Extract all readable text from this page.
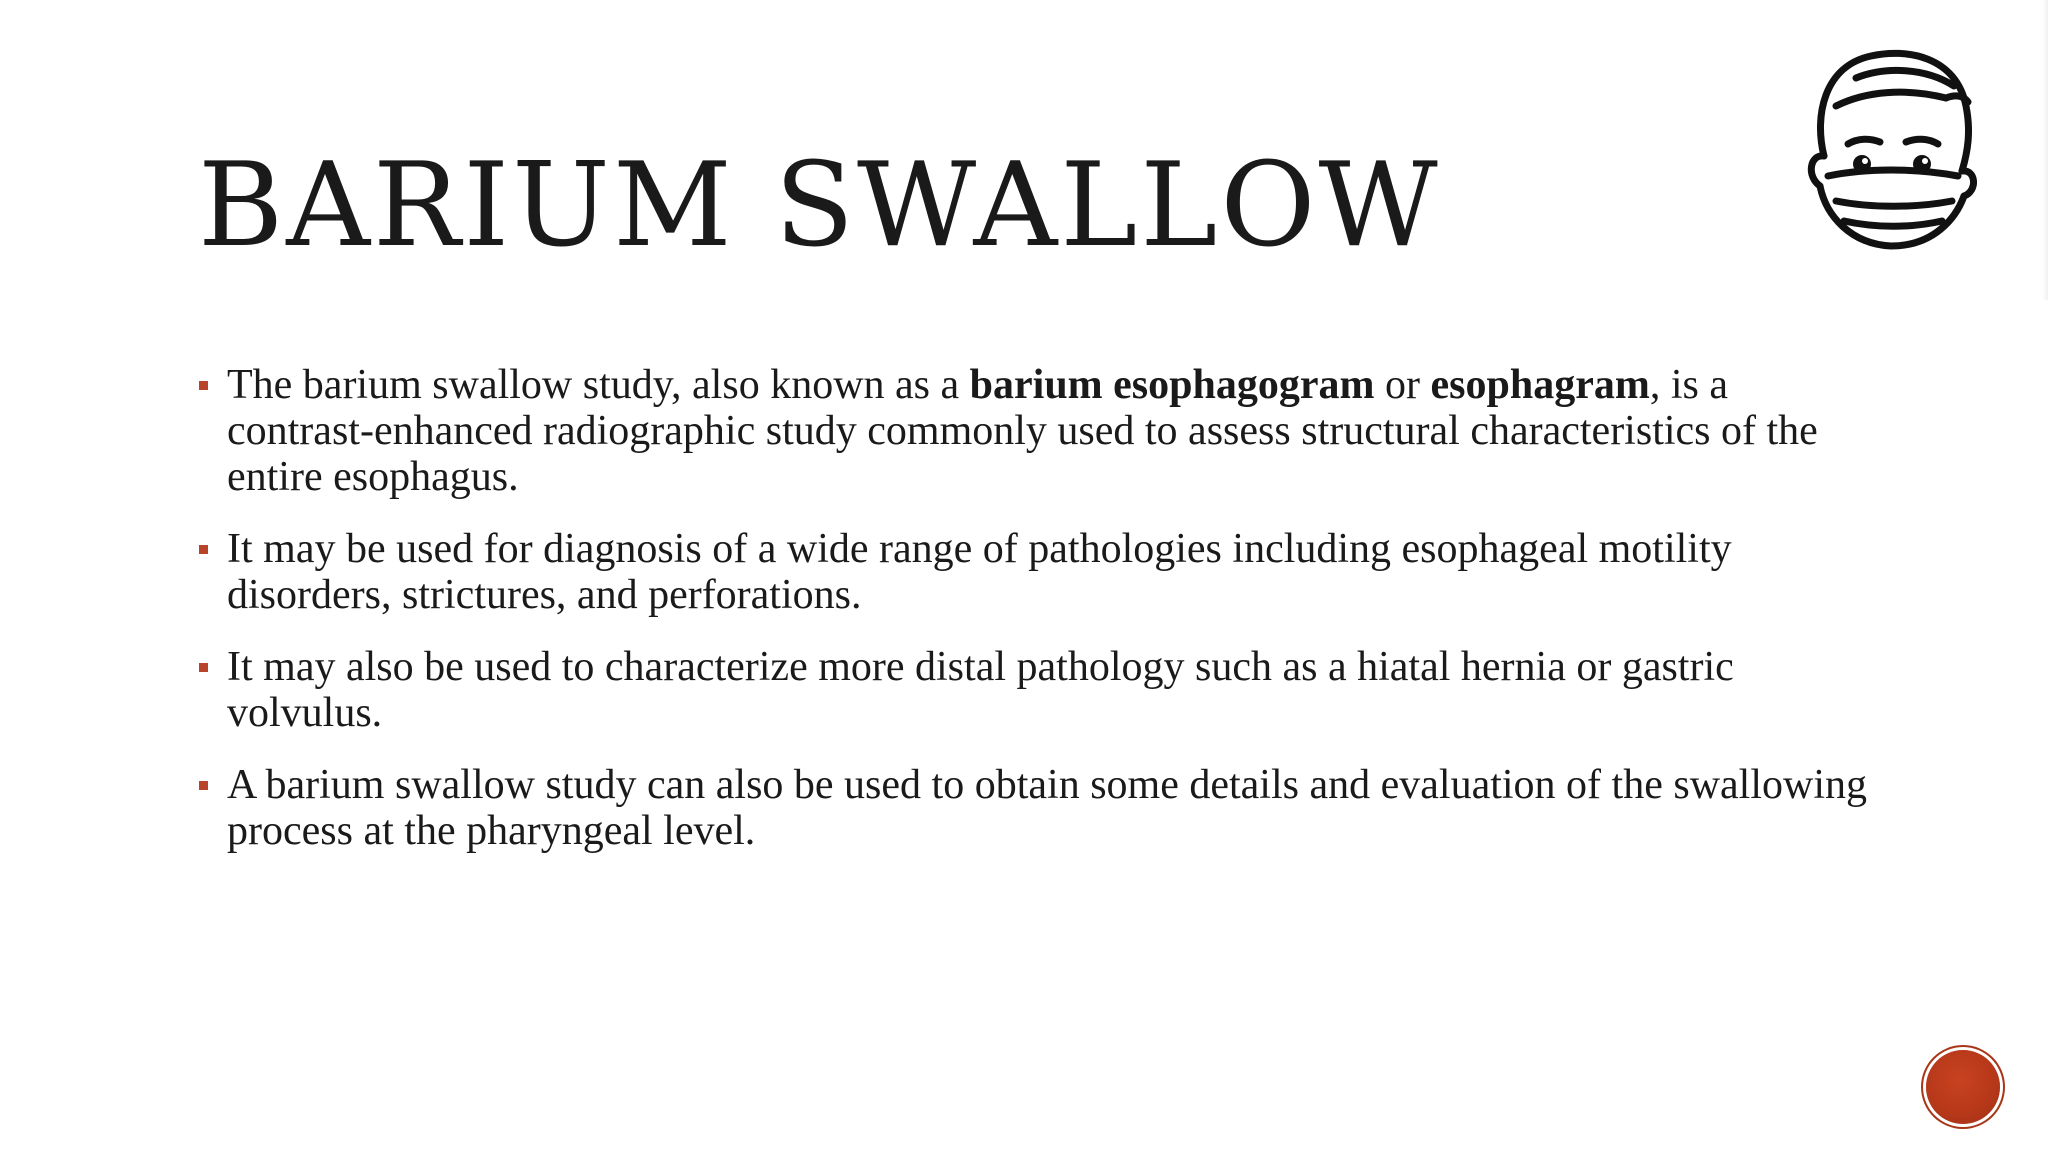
BARIUM SWALLOW
The barium swallow study, also known as a barium esophagogram or esophagram, is a contrast-enhanced radiographic study commonly used to assess structural characteristics of the entire esophagus.
It may be used for diagnosis of a wide range of pathologies including esophageal motility disorders, strictures, and perforations.
It may also be used to characterize more distal pathology such as a hiatal hernia or gastric volvulus.
A barium swallow study can also be used to obtain some details and evaluation of the swallowing process at the pharyngeal level.
